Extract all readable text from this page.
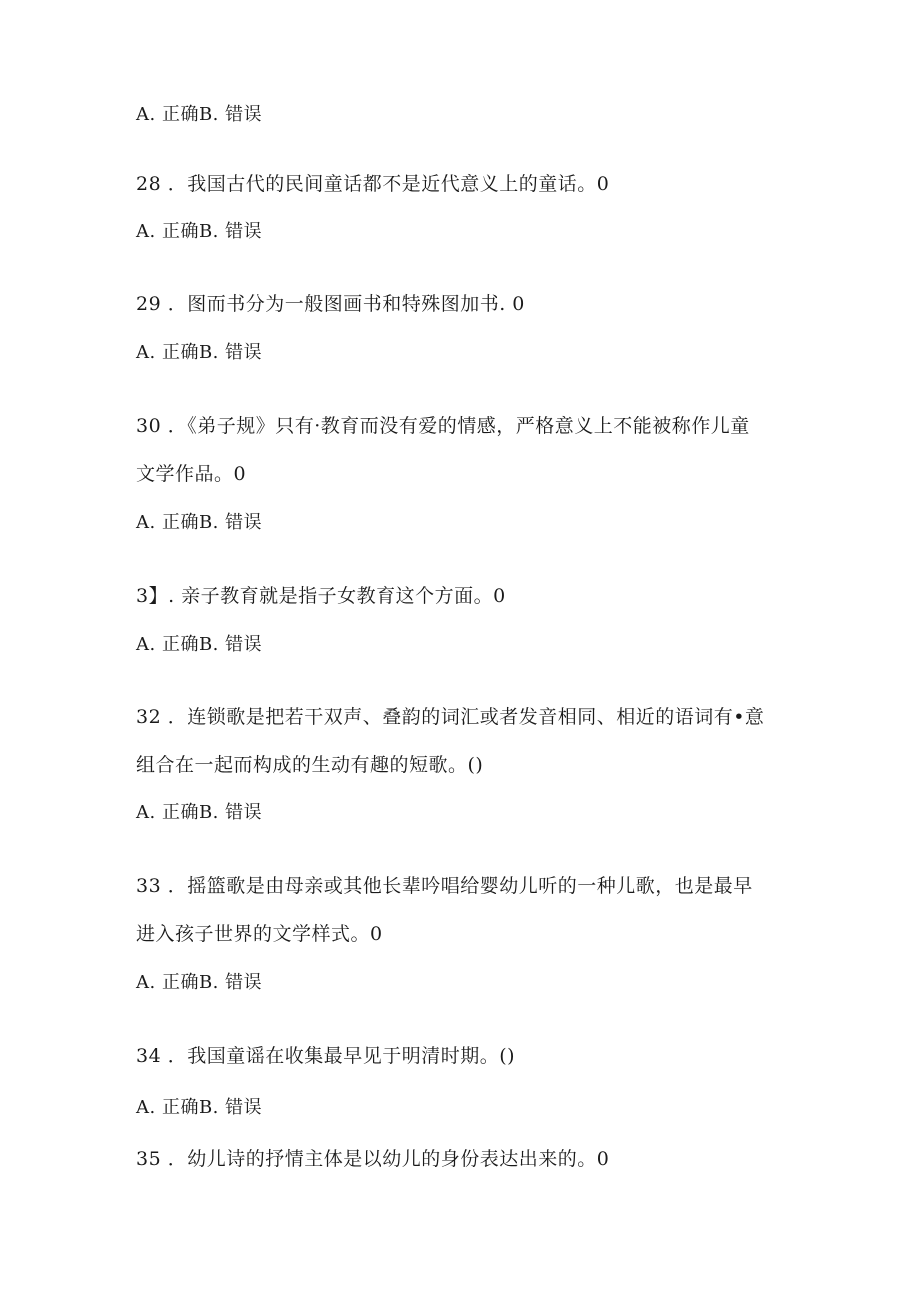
A. 正确B. 错误
28 ．我国古代的民间童话都不是近代意义上的童话。0
A. 正确B. 错误
29 ．图而书分为一般图画书和特殊图加书. 0
A. 正确B. 错误
30 ．《弟子规》只有·教育而没有爱的情感，严格意义上不能被称作儿童
文学作品。0
A. 正确B. 错误
3】. 亲子教育就是指子女教育这个方面。0
A. 正确B. 错误
32 ．连锁歌是把若干双声、叠韵的词汇或者发音相同、相近的语词有•意
组合在一起而构成的生动有趣的短歌。()
A. 正确B. 错误
33 ．摇篮歌是由母亲或其他长辈吟唱给婴幼儿听的一种儿歌，也是最早
进入孩子世界的文学样式。0
A. 正确B. 错误
34 ．我国童谣在收集最早见于明清时期。()
A. 正确B. 错误
35 ．幼儿诗的抒情主体是以幼儿的身份表达出来的。0
